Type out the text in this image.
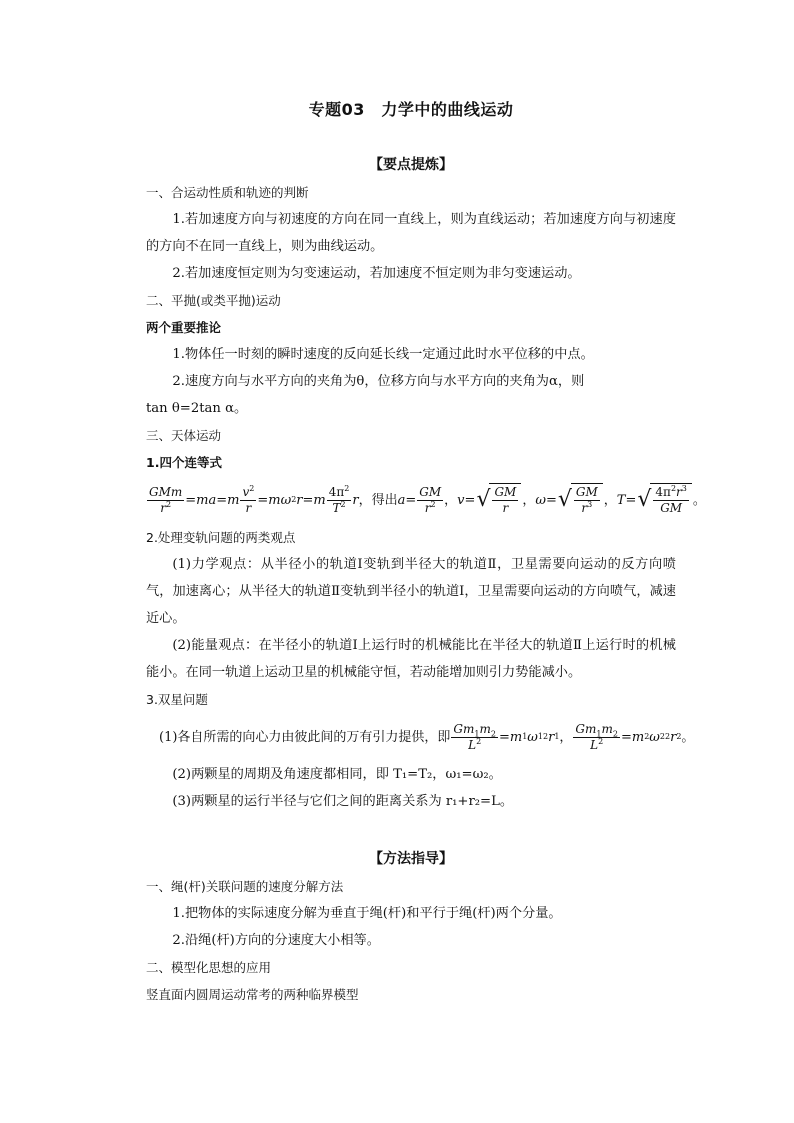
专题03　力学中的曲线运动
【要点提炼】
一、合运动性质和轨迹的判断

1.若加速度方向与初速度的方向在同一直线上，则为直线运动；若加速度方向与初速度的方向不在同一直线上，则为曲线运动。

2.若加速度恒定则为匀变速运动，若加速度不恒定则为非匀变速运动。

二、平抛(或类平抛)运动
两个重要推论

1.物体任一时刻的瞬时速度的反向延长线一定通过此时水平位移的中点。

2.速度方向与水平方向的夹角为θ，位移方向与水平方向的夹角为α，则

tan θ=2tan α。

三、天体运动
1.四个连等式
$\frac{\text{GMm}}{r^2}$ = ma = m $\frac{v^2}{r} = m\omega$ 2 r = m $\frac{4\pi^2}{T^2}$ r ，得出 $a = \frac{GM}{r^2}$ ， v = √ $\frac{GM}{r}$ ， ω = √ $\frac{GM}{r^3}$ ， T = √ $\frac{4\pi^2r^3}{GM}$ 。
2.处理变轨问题的两类观点

(1)力学观点：从半径小的轨道Ⅰ变轨到半径大的轨道Ⅱ，卫星需要向运动的反方向喷气，加速离心；从半径大的轨道Ⅱ变轨到半径小的轨道Ⅰ，卫星需要向运动的方向喷气，减速近心。

(2)能量观点：在半径小的轨道Ⅰ上运行时的机械能比在半径大的轨道Ⅱ上运行时的机械能小。在同一轨道上运动卫星的机械能守恒，若动能增加则引力势能减小。

3.双星问题
(1)各自所需的向心力由彼此间的万有引力提供，即 $\frac{Gm_1m_2}{L^2} = m$ 1 ω 1 2 r 1 ， $\frac{Gm_1m_2}{L^2} = m$ 2 ω 2 2 r 2 。

(2)两颗星的周期及角速度都相同，即 T₁=T₂，ω₁=ω₂。

(3)两颗星的运行半径与它们之间的距离关系为 r₁+r₂=L。

【方法指导】
一、绳(杆)关联问题的速度分解方法

1.把物体的实际速度分解为垂直于绳(杆)和平行于绳(杆)两个分量。

2.沿绳(杆)方向的分速度大小相等。

二、模型化思想的应用
竖直面内圆周运动常考的两种临界模型
